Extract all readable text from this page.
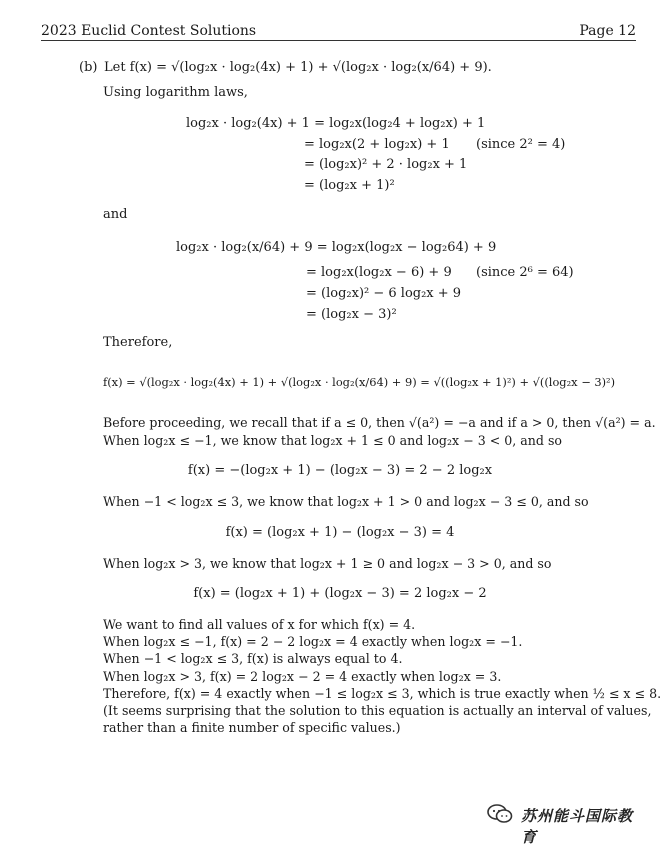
2023 Euclid Contest Solutions	Page 12
(b) Let f(x) = √(log₂x · log₂(4x) + 1) + √(log₂x · log₂(x/64) + 9).
Using logarithm laws,
log₂x · log₂(4x) + 1 = log₂x(log₂4 + log₂x) + 1
= log₂x(2 + log₂x) + 1 (since 2² = 4)
= (log₂x)² + 2 · log₂x + 1
= (log₂x + 1)²
and
log₂x · log₂(x/64) + 9 = log₂x(log₂x − log₂64) + 9
= log₂x(log₂x − 6) + 9 (since 2⁶ = 64)
= (log₂x)² − 6 log₂x + 9
= (log₂x − 3)²
Therefore,
f(x) = √(log₂x · log₂(4x) + 1) + √(log₂x · log₂(x/64) + 9) = √((log₂x + 1)²) + √((log₂x − 3)²)
Before proceeding, we recall that if a ≤ 0, then √(a²) = −a and if a > 0, then √(a²) = a.
When log₂x ≤ −1, we know that log₂x + 1 ≤ 0 and log₂x − 3 < 0, and so
f(x) = −(log₂x + 1) − (log₂x − 3) = 2 − 2 log₂x
When −1 < log₂x ≤ 3, we know that log₂x + 1 > 0 and log₂x − 3 ≤ 0, and so
f(x) = (log₂x + 1) − (log₂x − 3) = 4
When log₂x > 3, we know that log₂x + 1 ≥ 0 and log₂x − 3 > 0, and so
f(x) = (log₂x + 1) + (log₂x − 3) = 2 log₂x − 2
We want to find all values of x for which f(x) = 4.
When log₂x ≤ −1, f(x) = 2 − 2 log₂x = 4 exactly when log₂x = −1.
When −1 < log₂x ≤ 3, f(x) is always equal to 4.
When log₂x > 3, f(x) = 2 log₂x − 2 = 4 exactly when log₂x = 3.
Therefore, f(x) = 4 exactly when −1 ≤ log₂x ≤ 3, which is true exactly when ½ ≤ x ≤ 8.
(It seems surprising that the solution to this equation is actually an interval of values,
rather than a finite number of specific values.)
苏州能斗国际教育
